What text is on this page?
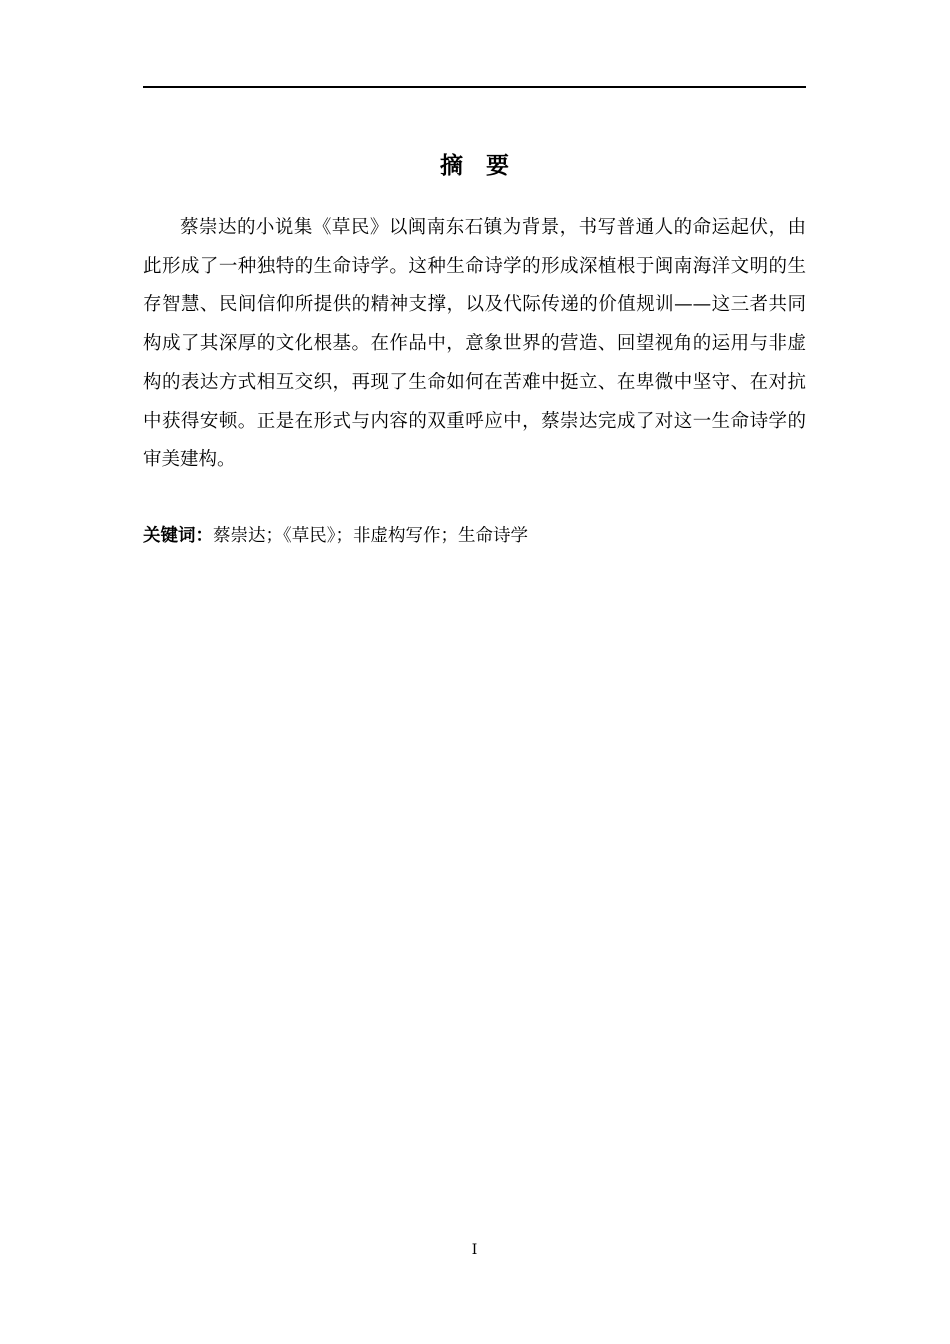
摘　要

蔡崇达的小说集《草民》以闽南东石镇为背景，书写普通人的命运起伏，由此形成了一种独特的生命诗学。这种生命诗学的形成深植根于闽南海洋文明的生存智慧、民间信仰所提供的精神支撑，以及代际传递的价值规训——这三者共同构成了其深厚的文化根基。在作品中，意象世界的营造、回望视角的运用与非虚构的表达方式相互交织，再现了生命如何在苦难中挺立、在卑微中坚守、在对抗中获得安顿。正是在形式与内容的双重呼应中，蔡崇达完成了对这一生命诗学的审美建构。

关键词：蔡崇达；《草民》；非虚构写作；生命诗学
I
